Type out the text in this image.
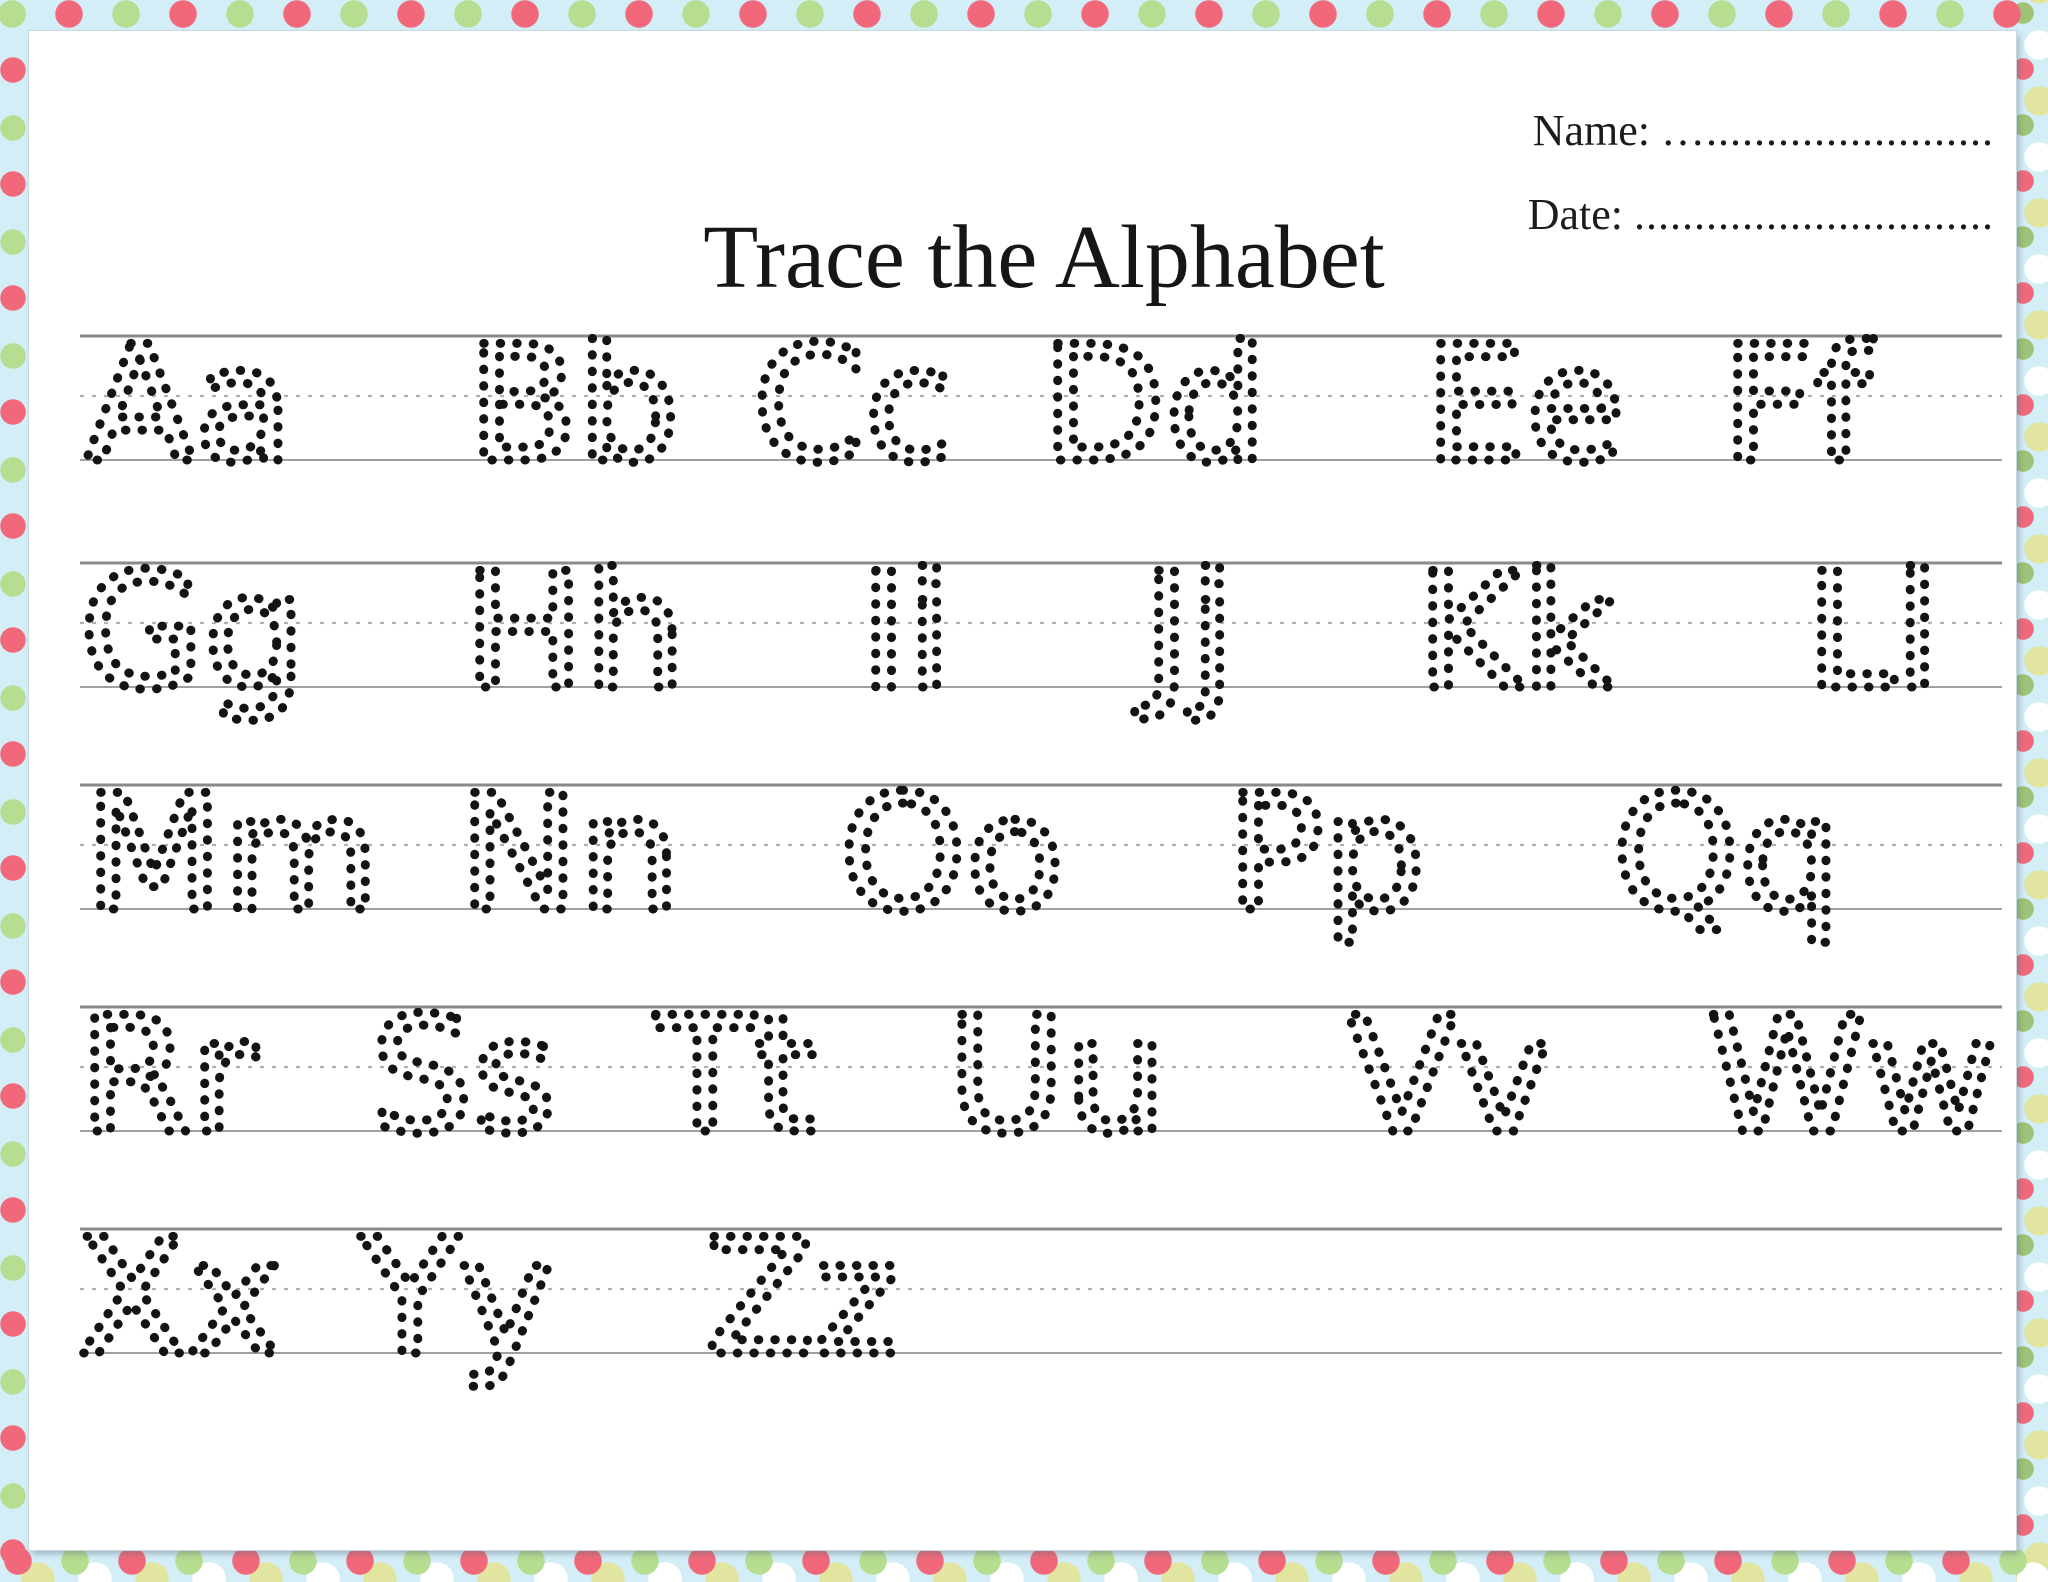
Name: …........................
Date: ..............................
Trace the Alphabet
Aa Bb Cc Dd Ee Ff
Gg Hh Ii Jj Kk Ll
Mm Nn Oo Pp Qq
Rr Ss Tt Uu Vv Ww
Xx Yy Zz
